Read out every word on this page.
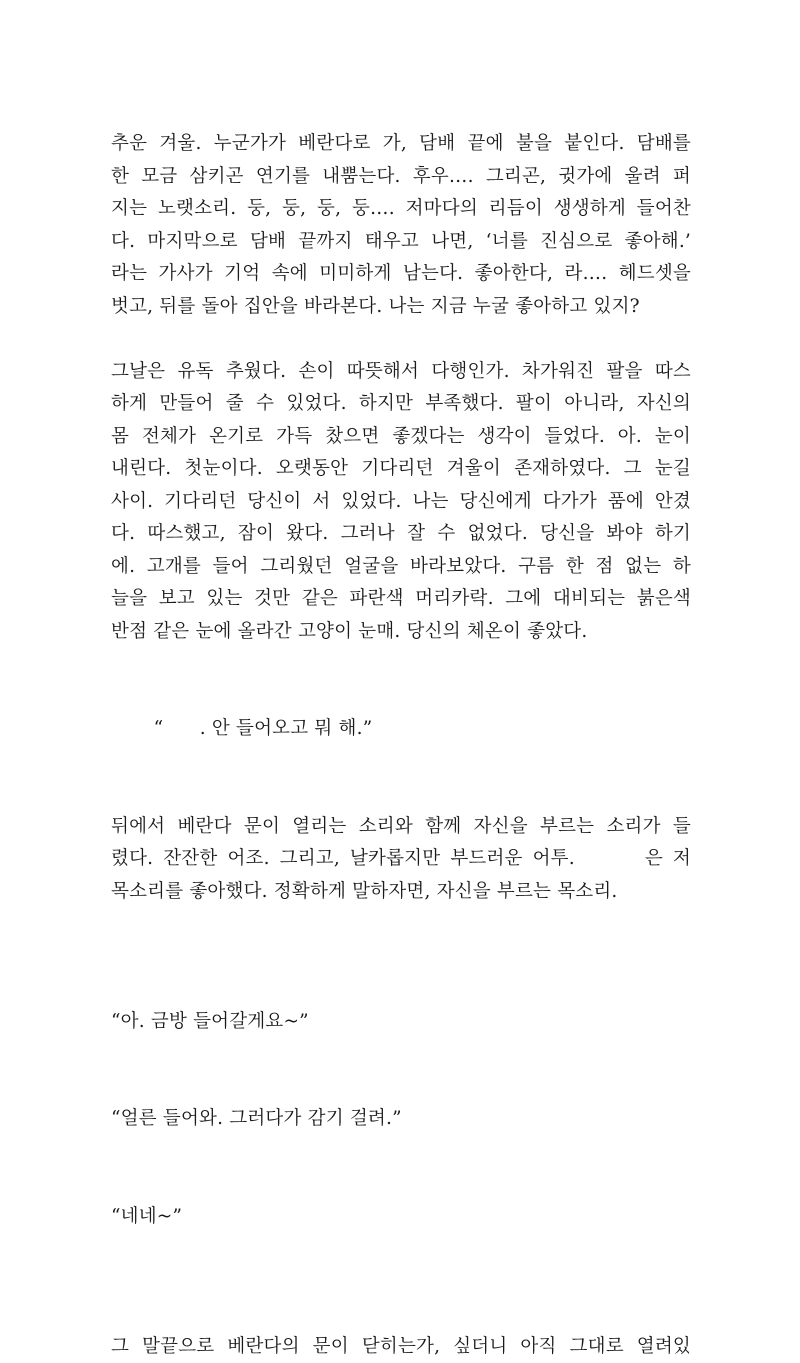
추운 겨울. 누군가가 베란다로 가, 담배 끝에 불을 붙인다. 담배를
한 모금 삼키곤 연기를 내뿜는다. 후우…. 그리곤, 귓가에 울려 퍼
지는 노랫소리. 둥, 둥, 둥, 둥…. 저마다의 리듬이 생생하게 들어찬
다. 마지막으로 담배 끝까지 태우고 나면, ‘너를 진심으로 좋아해.’
라는 가사가 기억 속에 미미하게 남는다. 좋아한다, 라…. 헤드셋을
벗고, 뒤를 돌아 집안을 바라본다. 나는 지금 누굴 좋아하고 있지?

그날은 유독 추웠다. 손이 따뜻해서 다행인가. 차가워진 팔을 따스
하게 만들어 줄 수 있었다. 하지만 부족했다. 팔이 아니라, 자신의
몸 전체가 온기로 가득 찼으면 좋겠다는 생각이 들었다. 아. 눈이
내린다. 첫눈이다. 오랫동안 기다리던 겨울이 존재하였다. 그 눈길
사이. 기다리던 당신이 서 있었다. 나는 당신에게 다가가 품에 안겼
다. 따스했고, 잠이 왔다. 그러나 잘 수 없었다. 당신을 봐야 하기
에. 고개를 들어 그리웠던 얼굴을 바라보았다. 구름 한 점 없는 하
늘을 보고 있는 것만 같은 파란색 머리카락. 그에 대비되는 붉은색
반점 같은 눈에 올라간 고양이 눈매. 당신의 체온이 좋았다.

“      . 안 들어오고 뭐 해.”

뒤에서 베란다 문이 열리는 소리와 함께 자신을 부르는 소리가 들
렸다. 잔잔한 어조. 그리고, 날카롭지만 부드러운 어투.       은 저
목소리를 좋아했다. 정확하게 말하자면, 자신을 부르는 목소리.

“아. 금방 들어갈게요~”

“얼른 들어와. 그러다가 감기 걸려.”

“네네~”

그 말끝으로 베란다의 문이 닫히는가, 싶더니 아직 그대로 열려있
